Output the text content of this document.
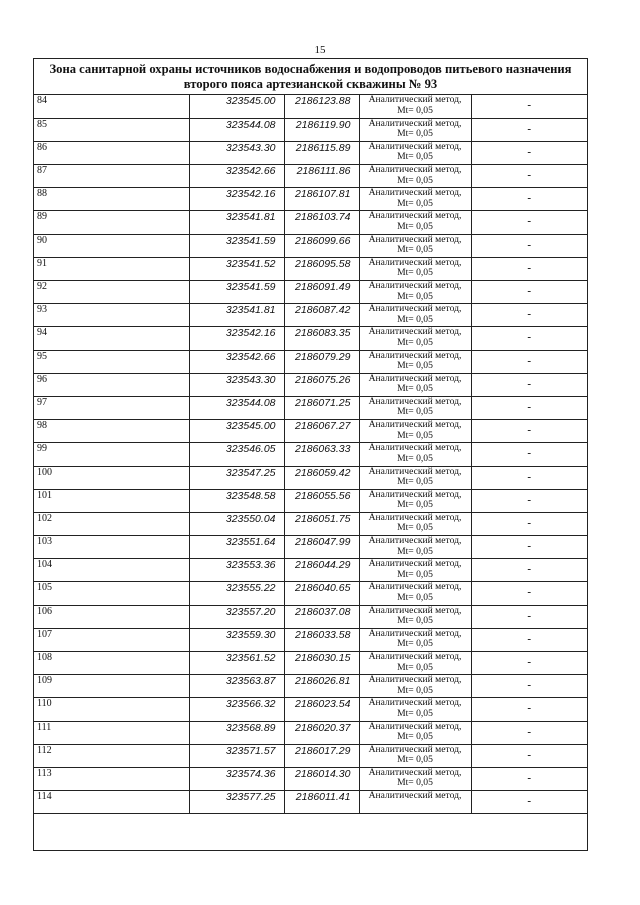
15
Зона санитарной охраны источников водоснабжения и водопроводов питьевого назначения
второго пояса артезианской скважины № 93
84	323545.00	2186123.88	Аналитический метод,
Mt= 0,05	-
85	323544.08	2186119.90	Аналитический метод,
Mt= 0,05	-
86	323543.30	2186115.89	Аналитический метод,
Mt= 0,05	-
87	323542.66	2186111.86	Аналитический метод,
Mt= 0,05	-
88	323542.16	2186107.81	Аналитический метод,
Mt= 0,05	-
89	323541.81	2186103.74	Аналитический метод,
Mt= 0,05	-
90	323541.59	2186099.66	Аналитический метод,
Mt= 0,05	-
91	323541.52	2186095.58	Аналитический метод,
Mt= 0,05	-
92	323541.59	2186091.49	Аналитический метод,
Mt= 0,05	-
93	323541.81	2186087.42	Аналитический метод,
Mt= 0,05	-
94	323542.16	2186083.35	Аналитический метод,
Mt= 0,05	-
95	323542.66	2186079.29	Аналитический метод,
Mt= 0,05	-
96	323543.30	2186075.26	Аналитический метод,
Mt= 0,05	-
97	323544.08	2186071.25	Аналитический метод,
Mt= 0,05	-
98	323545.00	2186067.27	Аналитический метод,
Mt= 0,05	-
99	323546.05	2186063.33	Аналитический метод,
Mt= 0,05	-
100	323547.25	2186059.42	Аналитический метод,
Mt= 0,05	-
101	323548.58	2186055.56	Аналитический метод,
Mt= 0,05	-
102	323550.04	2186051.75	Аналитический метод,
Mt= 0,05	-
103	323551.64	2186047.99	Аналитический метод,
Mt= 0,05	-
104	323553.36	2186044.29	Аналитический метод,
Mt= 0,05	-
105	323555.22	2186040.65	Аналитический метод,
Mt= 0,05	-
106	323557.20	2186037.08	Аналитический метод,
Mt= 0,05	-
107	323559.30	2186033.58	Аналитический метод,
Mt= 0,05	-
108	323561.52	2186030.15	Аналитический метод,
Mt= 0,05	-
109	323563.87	2186026.81	Аналитический метод,
Mt= 0,05	-
110	323566.32	2186023.54	Аналитический метод,
Mt= 0,05	-
111	323568.89	2186020.37	Аналитический метод,
Mt= 0,05	-
112	323571.57	2186017.29	Аналитический метод,
Mt= 0,05	-
113	323574.36	2186014.30	Аналитический метод,
Mt= 0,05	-
114	323577.25	2186011.41	Аналитический метод,	-
